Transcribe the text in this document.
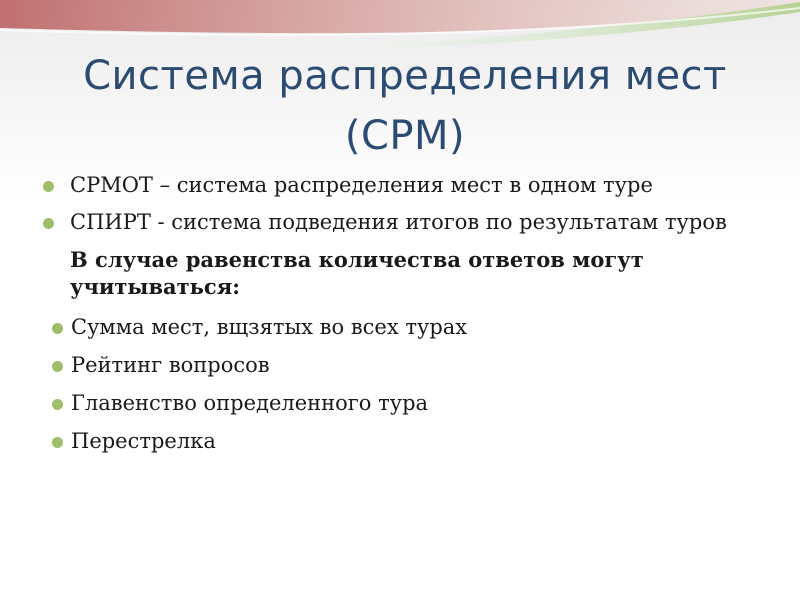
Система распределения мест
(СРМ)
СРМОТ – система распределения мест в одном туре
СПИРТ - система подведения итогов по результатам туров
В случае равенства количества ответов могут учитываться:
Сумма мест, вщзятых во всех турах
Рейтинг вопросов
Главенство определенного тура
Перестрелка
